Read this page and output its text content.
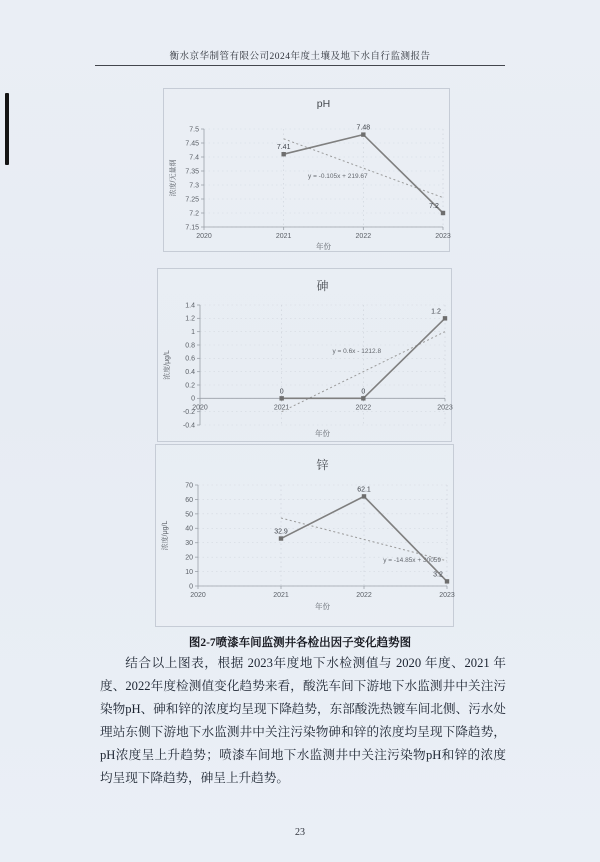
衡水京华制管有限公司2024年度土壤及地下水自行监测报告
7.15
7.2
7.25
7.3
7.35
7.4
7.45
7.5
2020	2021	2022	2023
y = -0.105x + 219.67
7.41
7.48
7.2
pH
浓度/无量纲
年份
-0.4
-0.2
0
0.2
0.4
0.6
0.8
1
1.2
1.4
2020	2021	2022	2023
y = 0.6x - 1212.8
0	0
1.2
砷
浓度/μg/L
年份
0
10
20
30
40
50
60
70
2020	2021	2022	2023
y = -14.85x + 30059
32.9
62.1
3.2
锌
浓度/μg/L
年份
图2-7喷漆车间监测井各检出因子变化趋势图
结合以上图表，根据 2023年度地下水检测值与 2020 年度、2021 年度、2022年度检测值变化趋势来看，酸洗车间下游地下水监测井中关注污染物pH、砷和锌的浓度均呈现下降趋势，东部酸洗热镀车间北侧、污水处理站东侧下游地下水监测井中关注污染物砷和锌的浓度均呈现下降趋势，pH浓度呈上升趋势；喷漆车间地下水监测井中关注污染物pH和锌的浓度均呈现下降趋势，砷呈上升趋势。
23
